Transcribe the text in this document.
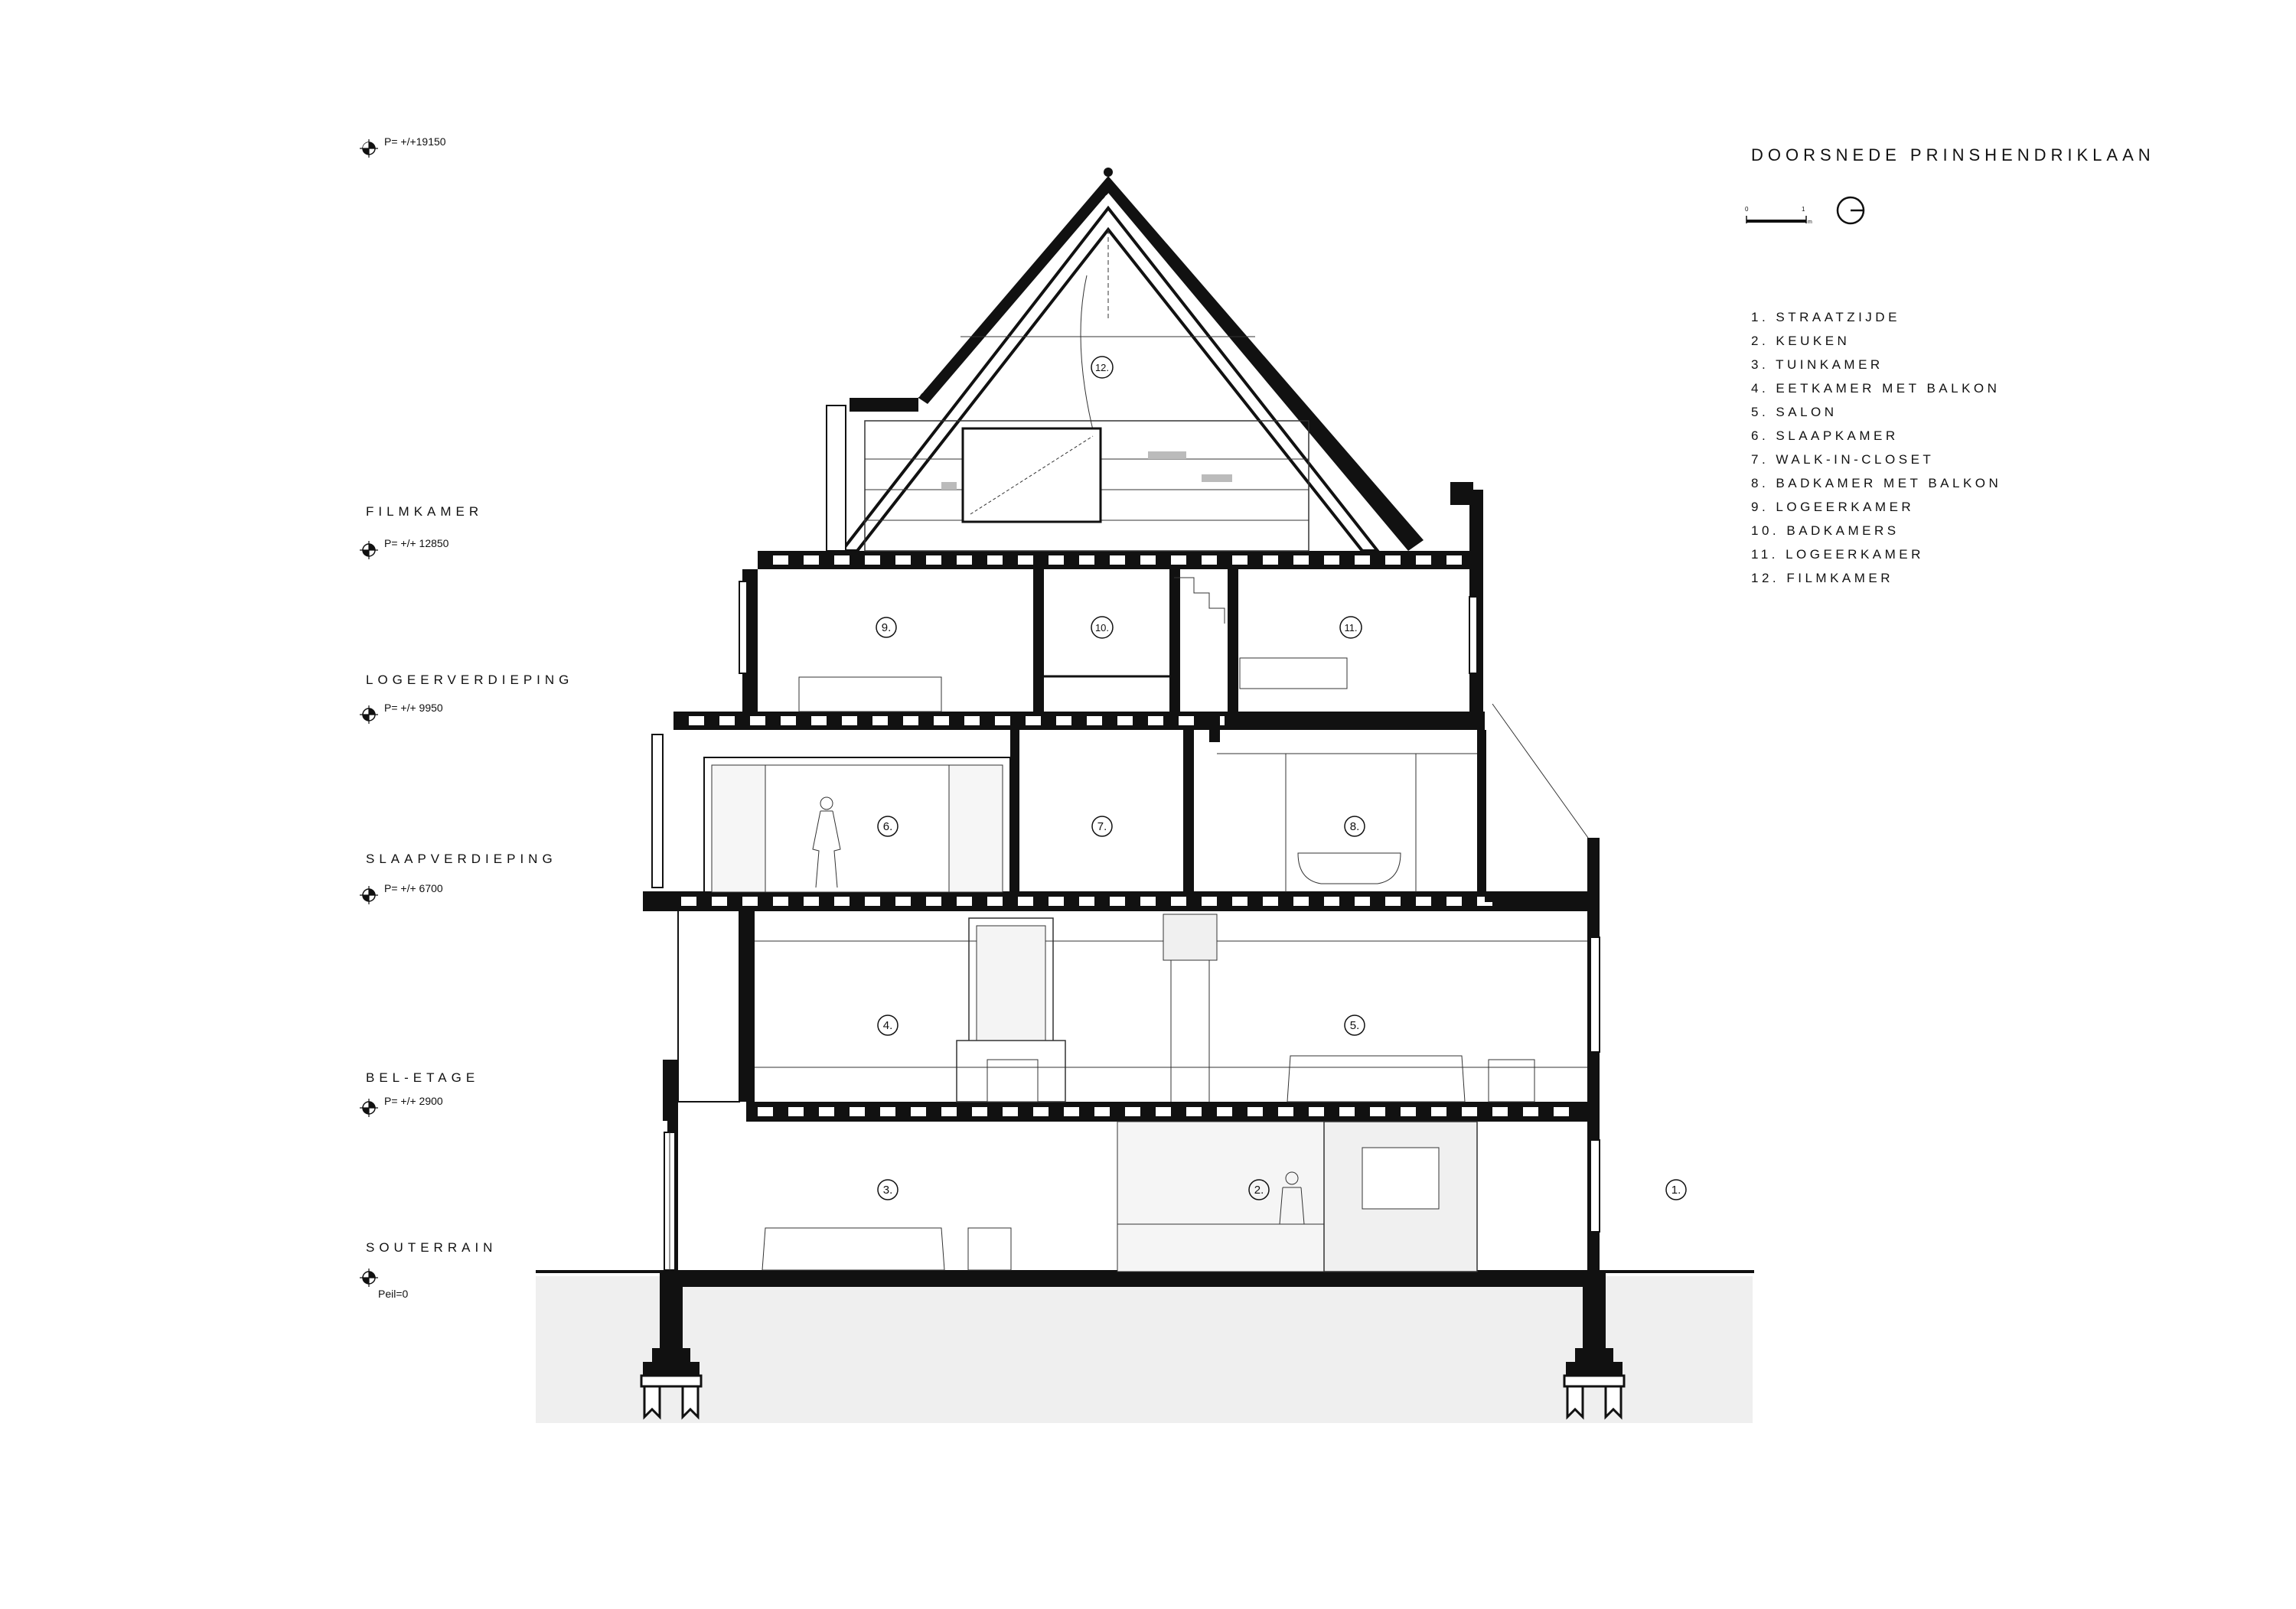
1.
2.
3.
4.	5.
6.	7.	8.
9.	10.	11.
12.
P= +/+19150
FILMKAMER
P= +/+ 12850
LOGEERVERDIEPING
P= +/+ 9950
SLAAPVERDIEPING
P= +/+ 6700
BEL-ETAGE
P= +/+ 2900
SOUTERRAIN
Peil=0
DOORSNEDE PRINSHENDRIKLAAN
0	1
m
1. STRAATZIJDE
2. KEUKEN
3. TUINKAMER
4. EETKAMER MET BALKON
5. SALON
6. SLAAPKAMER
7. WALK-IN-CLOSET
8. BADKAMER MET BALKON
9. LOGEERKAMER
10. BADKAMERS
11. LOGEERKAMER
12. FILMKAMER
